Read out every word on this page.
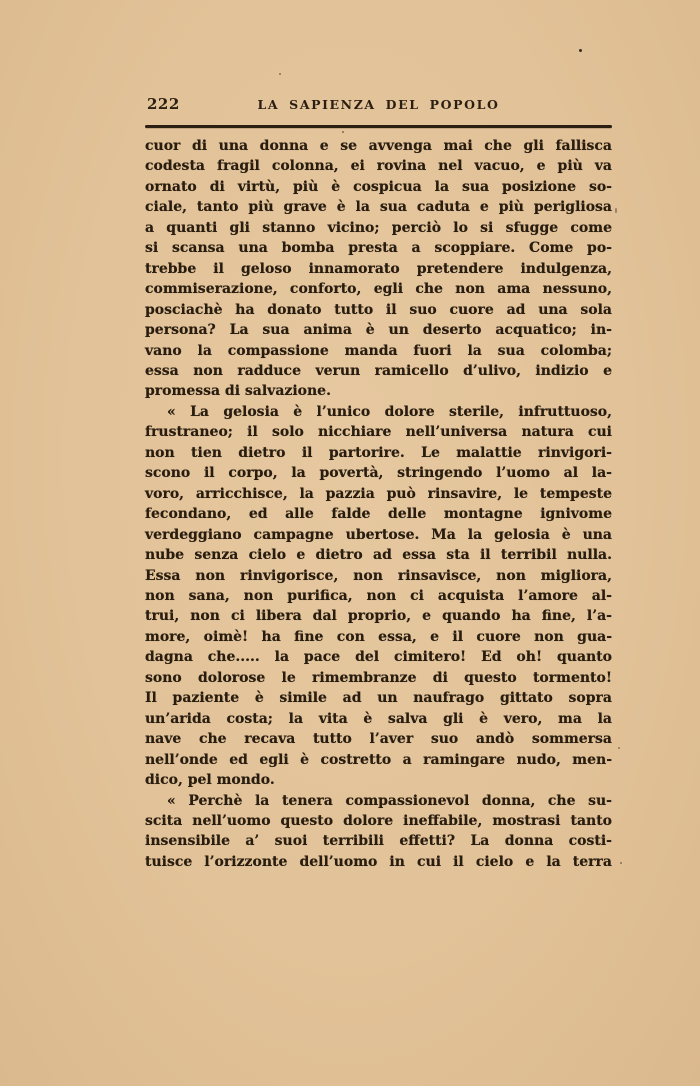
222	LA SAPIENZA DEL POPOLO
cuor di una donna e se avvenga mai che gli fallisca
codesta fragil colonna, ei rovina nel vacuo, e più va
ornato di virtù, più è cospicua la sua posizione so-
ciale, tanto più grave è la sua caduta e più perigliosa
a quanti gli stanno vicino; perciò lo si sfugge come
si scansa una bomba presta a scoppiare. Come po-
trebbe il geloso innamorato pretendere indulgenza,
commiserazione, conforto, egli che non ama nessuno,
posciachè ha donato tutto il suo cuore ad una sola
persona? La sua anima è un deserto acquatico; in-
vano la compassione manda fuori la sua colomba;
essa non radduce verun ramicello d’ulivo, indizio e
promessa di salvazione.
« La gelosia è l’unico dolore sterile, infruttuoso,
frustraneo; il solo nicchiare nell’universa natura cui
non tien dietro il partorire. Le malattie rinvigori-
scono il corpo, la povertà, stringendo l’uomo al la-
voro, arricchisce, la pazzia può rinsavire, le tempeste
fecondano, ed alle falde delle montagne ignivome
verdeggiano campagne ubertose. Ma la gelosia è una
nube senza cielo e dietro ad essa sta il terribil nulla.
Essa non rinvigorisce, non rinsavisce, non migliora,
non sana, non purifica, non ci acquista l’amore al-
trui, non ci libera dal proprio, e quando ha fine, l’a-
more, oimè! ha fine con essa, e il cuore non gua-
dagna che..... la pace del cimitero! Ed oh! quanto
sono dolorose le rimembranze di questo tormento!
Il paziente è simile ad un naufrago gittato sopra
un’arida costa; la vita è salva gli è vero, ma la
nave che recava tutto l’aver suo andò sommersa
nell’onde ed egli è costretto a ramingare nudo, men-
dico, pel mondo.
« Perchè la tenera compassionevol donna, che su-
scita nell’uomo questo dolore ineffabile, mostrasi tanto
insensibile a’ suoi terribili effetti? La donna costi-
tuisce l’orizzonte dell’uomo in cui il cielo e la terra
